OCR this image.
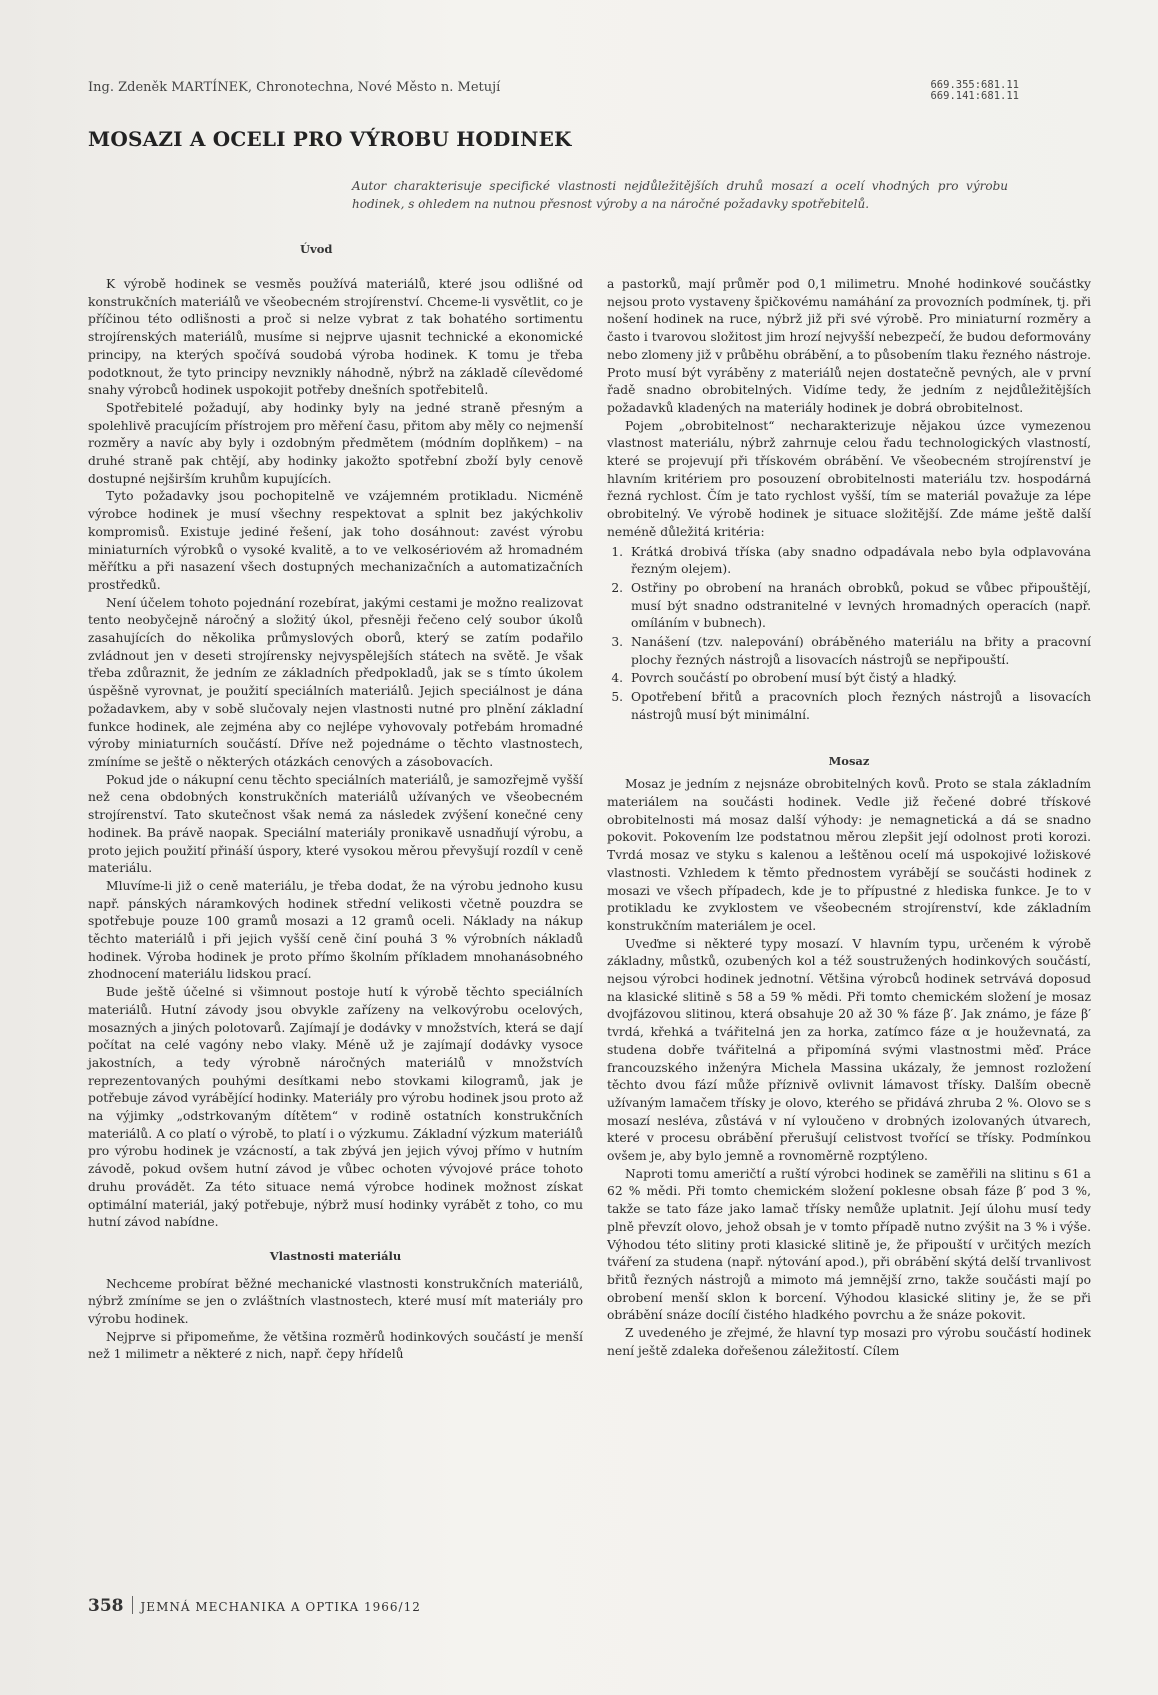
Ing. Zdeněk MARTÍNEK, Chronotechna, Nové Město n. Metují	669.355:681.11
669.141:681.11
MOSAZI A OCELI PRO VÝROBU HODINEK
Autor charakterisuje specifické vlastnosti nejdůležitějších druhů mosazí a ocelí vhodných pro výrobu hodinek, s ohledem na nutnou přesnost výroby a na náročné požadavky spotřebitelů.
Úvod

K výrobě hodinek se vesměs používá materiálů, které jsou odlišné od konstrukčních materiálů ve všeobecném strojírenství. Chceme-li vysvětlit, co je příčinou této odlišnosti a proč si nelze vybrat z tak bohatého sortimentu strojírenských materiálů, musíme si nejprve ujasnit technické a ekonomické principy, na kterých spočívá soudobá výroba hodinek. K tomu je třeba podotknout, že tyto principy nevznikly náhodně, nýbrž na základě cílevědomé snahy výrobců hodinek uspokojit potřeby dnešních spotřebitelů.

Spotřebitelé požadují, aby hodinky byly na jedné straně přesným a spolehlivě pracujícím přístrojem pro měření času, přitom aby měly co nejmenší rozměry a navíc aby byly i ozdobným předmětem (módním doplňkem) – na druhé straně pak chtějí, aby hodinky jakožto spotřební zboží byly cenově dostupné nejširším kruhům kupujících.

Tyto požadavky jsou pochopitelně ve vzájemném protikladu. Nicméně výrobce hodinek je musí všechny respektovat a splnit bez jakýchkoliv kompromisů. Existuje jediné řešení, jak toho dosáhnout: zavést výrobu miniaturních výrobků o vysoké kvalitě, a to ve velkosériovém až hromadném měřítku a při nasazení všech dostupných mechanizačních a automatizačních prostředků.

Není účelem tohoto pojednání rozebírat, jakými cestami je možno realizovat tento neobyčejně náročný a složitý úkol, přesněji řečeno celý soubor úkolů zasahujících do několika průmyslových oborů, který se zatím podařilo zvládnout jen v deseti strojírensky nejvyspělejších státech na světě. Je však třeba zdůraznit, že jedním ze základních předpokladů, jak se s tímto úkolem úspěšně vyrovnat, je použití speciálních materiálů. Jejich speciálnost je dána požadavkem, aby v sobě slučovaly nejen vlastnosti nutné pro plnění základní funkce hodinek, ale zejména aby co nejlépe vyhovovaly potřebám hromadné výroby miniaturních součástí. Dříve než pojednáme o těchto vlastnostech, zmíníme se ještě o některých otázkách cenových a zásobovacích.

Pokud jde o nákupní cenu těchto speciálních materiálů, je samozřejmě vyšší než cena obdobných konstrukčních materiálů užívaných ve všeobecném strojírenství. Tato skutečnost však nemá za následek zvýšení konečné ceny hodinek. Ba právě naopak. Speciální materiály pronikavě usnadňují výrobu, a proto jejich použití přináší úspory, které vysokou měrou převyšují rozdíl v ceně materiálu.

Mluvíme-li již o ceně materiálu, je třeba dodat, že na výrobu jednoho kusu např. pánských náramkových hodinek střední velikosti včetně pouzdra se spotřebuje pouze 100 gramů mosazi a 12 gramů oceli. Náklady na nákup těchto materiálů i při jejich vyšší ceně činí pouhá 3 % výrobních nákladů hodinek. Výroba hodinek je proto přímo školním příkladem mnohanásobného zhodnocení materiálu lidskou prací.

Bude ještě účelné si všimnout postoje hutí k výrobě těchto speciálních materiálů. Hutní závody jsou obvykle zařízeny na velkovýrobu ocelových, mosazných a jiných polotovarů. Zajímají je dodávky v množstvích, která se dají počítat na celé vagóny nebo vlaky. Méně už je zajímají dodávky vysoce jakostních, a tedy výrobně náročných materiálů v množstvích reprezentovaných pouhými desítkami nebo stovkami kilogramů, jak je potřebuje závod vyrábějící hodinky. Materiály pro výrobu hodinek jsou proto až na výjimky „odstrkovaným dítětem“ v rodině ostatních konstrukčních materiálů. A co platí o výrobě, to platí i o výzkumu. Základní výzkum materiálů pro výrobu hodinek je vzácností, a tak zbývá jen jejich vývoj přímo v hutním závodě, pokud ovšem hutní závod je vůbec ochoten vývojové práce tohoto druhu provádět. Za této situace nemá výrobce hodinek možnost získat optimální materiál, jaký potřebuje, nýbrž musí hodinky vyrábět z toho, co mu hutní závod nabídne.

Vlastnosti materiálu

Nechceme probírat běžné mechanické vlastnosti konstrukčních materiálů, nýbrž zmíníme se jen o zvláštních vlastnostech, které musí mít materiály pro výrobu hodinek.

Nejprve si připomeňme, že většina rozměrů hodinkových součástí je menší než 1 milimetr a některé z nich, např. čepy hřídelů

a pastorků, mají průměr pod 0,1 milimetru. Mnohé hodinkové součástky nejsou proto vystaveny špičkovému namáhání za provozních podmínek, tj. při nošení hodinek na ruce, nýbrž již při své výrobě. Pro miniaturní rozměry a často i tvarovou složitost jim hrozí nejvyšší nebezpečí, že budou deformovány nebo zlomeny již v průběhu obrábění, a to působením tlaku řezného nástroje. Proto musí být vyráběny z materiálů nejen dostatečně pevných, ale v první řadě snadno obrobitelných. Vidíme tedy, že jedním z nejdůležitějších požadavků kladených na materiály hodinek je dobrá obrobitelnost.

Pojem „obrobitelnost“ necharakterizuje nějakou úzce vymezenou vlastnost materiálu, nýbrž zahrnuje celou řadu technologických vlastností, které se projevují při třískovém obrábění. Ve všeobecném strojírenství je hlavním kritériem pro posouzení obrobitelnosti materiálu tzv. hospodárná řezná rychlost. Čím je tato rychlost vyšší, tím se materiál považuje za lépe obrobitelný. Ve výrobě hodinek je situace složitější. Zde máme ještě další neméně důležitá kritéria:

1. Krátká drobivá tříska (aby snadno odpadávala nebo byla odplavována řezným olejem).
2. Ostřiny po obrobení na hranách obrobků, pokud se vůbec připouštějí, musí být snadno odstranitelné v levných hromadných operacích (např. omíláním v bubnech).
3. Nanášení (tzv. nalepování) obráběného materiálu na břity a pracovní plochy řezných nástrojů a lisovacích nástrojů se nepřipouští.
4. Povrch součástí po obrobení musí být čistý a hladký.
5. Opotřebení břitů a pracovních ploch řezných nástrojů a lisovacích nástrojů musí být minimální.
Mosaz

Mosaz je jedním z nejsnáze obrobitelných kovů. Proto se stala základním materiálem na součásti hodinek. Vedle již řečené dobré třískové obrobitelnosti má mosaz další výhody: je nemagnetická a dá se snadno pokovit. Pokovením lze podstatnou měrou zlepšit její odolnost proti korozi. Tvrdá mosaz ve styku s kalenou a leštěnou ocelí má uspokojivé ložiskové vlastnosti. Vzhledem k těmto přednostem vyrábějí se součásti hodinek z mosazi ve všech případech, kde je to přípustné z hlediska funkce. Je to v protikladu ke zvyklostem ve všeobecném strojírenství, kde základním konstrukčním materiálem je ocel.

Uveďme si některé typy mosazí. V hlavním typu, určeném k výrobě základny, můstků, ozubených kol a též soustružených hodinkových součástí, nejsou výrobci hodinek jednotní. Většina výrobců hodinek setrvává doposud na klasické slitině s 58 a 59 % mědi. Při tomto chemickém složení je mosaz dvojfázovou slitinou, která obsahuje 20 až 30 % fáze β′. Jak známo, je fáze β′ tvrdá, křehká a tvářitelná jen za horka, zatímco fáze α je houževnatá, za studena dobře tvářitelná a připomíná svými vlastnostmi měď. Práce francouzského inženýra Michela Massina ukázaly, že jemnost rozložení těchto dvou fází může příznivě ovlivnit lámavost třísky. Dalším obecně užívaným lamačem třísky je olovo, kterého se přidává zhruba 2 %. Olovo se s mosazí nesléva, zůstává v ní vyloučeno v drobných izolovaných útvarech, které v procesu obrábění přerušují celistvost tvořící se třísky. Podmínkou ovšem je, aby bylo jemně a rovnoměrně rozptýleno.

Naproti tomu američtí a ruští výrobci hodinek se zaměřili na slitinu s 61 a 62 % mědi. Při tomto chemickém složení poklesne obsah fáze β′ pod 3 %, takže se tato fáze jako lamač třísky nemůže uplatnit. Její úlohu musí tedy plně převzít olovo, jehož obsah je v tomto případě nutno zvýšit na 3 % i výše. Výhodou této slitiny proti klasické slitině je, že připouští v určitých mezích tváření za studena (např. nýtování apod.), při obrábění skýtá delší trvanlivost břitů řezných nástrojů a mimoto má jemnější zrno, takže součásti mají po obrobení menší sklon k borcení. Výhodou klasické slitiny je, že se při obrábění snáze docílí čistého hladkého povrchu a že snáze pokovit.

Z uvedeného je zřejmé, že hlavní typ mosazi pro výrobu součástí hodinek není ještě zdaleka dořešenou záležitostí. Cílem

358 JEMNÁ MECHANIKA A OPTIKA 1966/12
